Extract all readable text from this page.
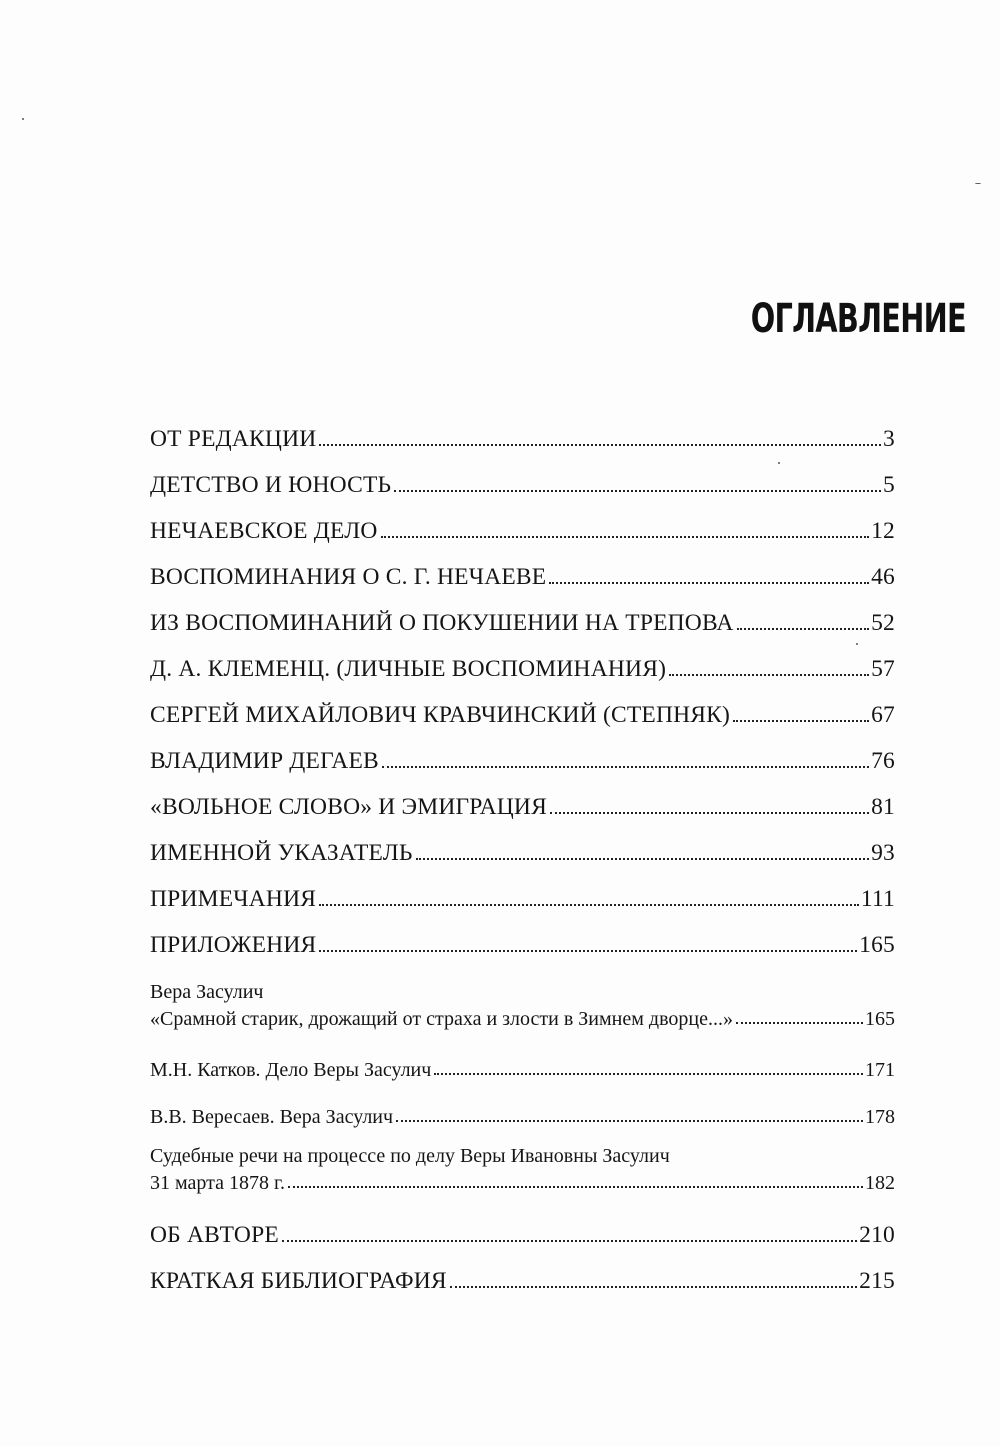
ОГЛАВЛЕНИЕ
ОТ РЕДАКЦИИ	3
ДЕТСТВО И ЮНОСТЬ	5
НЕЧАЕВСКОЕ ДЕЛО	12
ВОСПОМИНАНИЯ О С. Г. НЕЧАЕВЕ	46
ИЗ ВОСПОМИНАНИЙ О ПОКУШЕНИИ НА ТРЕПОВА	52
Д. А. КЛЕМЕНЦ. (ЛИЧНЫЕ ВОСПОМИНАНИЯ)	57
СЕРГЕЙ МИХАЙЛОВИЧ КРАВЧИНСКИЙ (СТЕПНЯК)	67
ВЛАДИМИР ДЕГАЕВ	76
«ВОЛЬНОЕ СЛОВО» И ЭМИГРАЦИЯ	81
ИМЕННОЙ УКАЗАТЕЛЬ	93
ПРИМЕЧАНИЯ	111
ПРИЛОЖЕНИЯ	165
Вера Засулич
«Срамной старик, дрожащий от страха и злости в Зимнем дворце...»	165
М.Н. Катков. Дело Веры Засулич	171
В.В. Вересаев. Вера Засулич	178
Судебные речи на процессе по делу Веры Ивановны Засулич
31 марта 1878 г.	182
ОБ АВТОРЕ	210
КРАТКАЯ БИБЛИОГРАФИЯ	215
